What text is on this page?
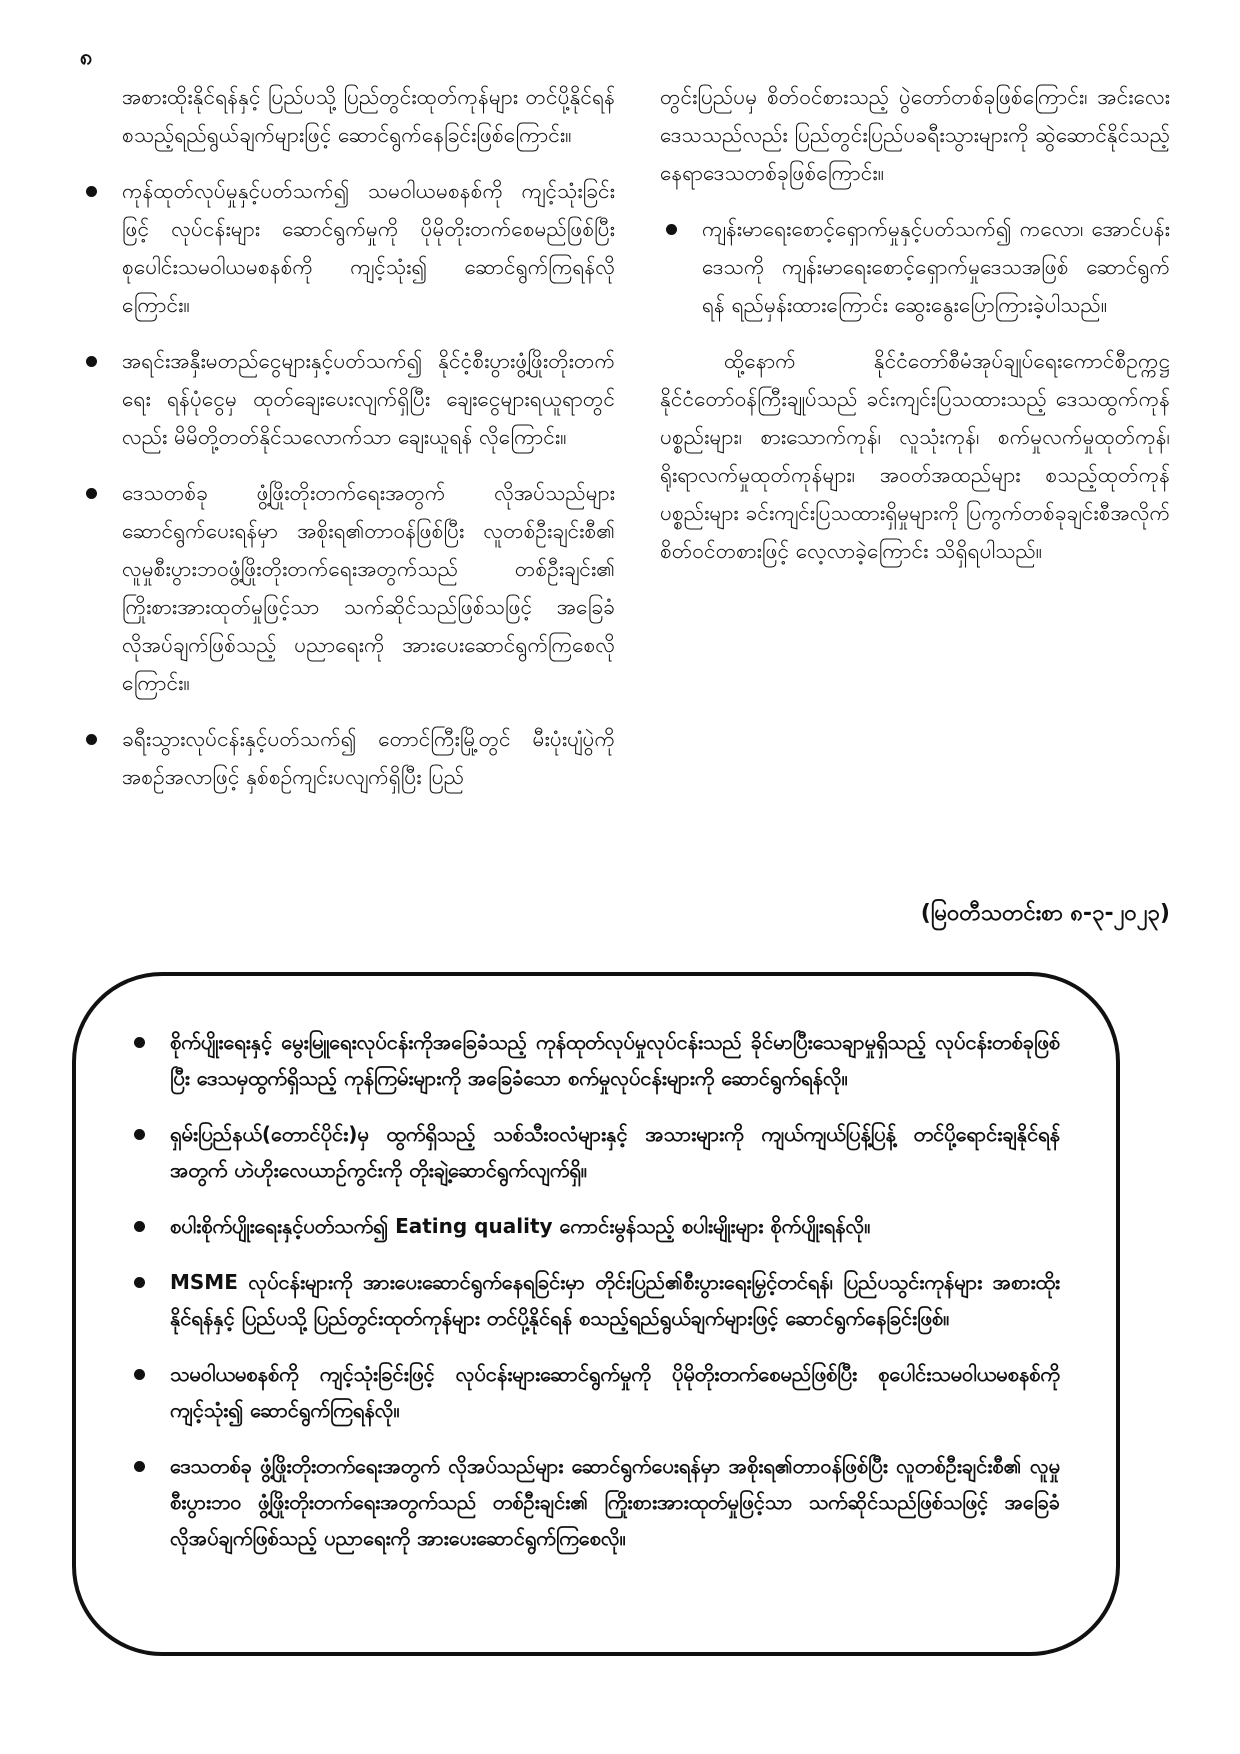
၈

အစားထိုးနိုင်ရန်နှင့် ပြည်ပသို့ ပြည်တွင်းထုတ်ကုန်များ တင်ပို့နိုင်ရန် စသည့်ရည်ရွယ်ချက်များဖြင့် ဆောင်ရွက်နေခြင်းဖြစ်ကြောင်း။

ကုန်ထုတ်လုပ်မှုနှင့်ပတ်သက်၍ သမဝါယမစနစ်ကို ကျင့်သုံးခြင်းဖြင့် လုပ်ငန်းများ ဆောင်ရွက်မှုကို ပိုမိုတိုးတက်စေမည်ဖြစ်ပြီး စုပေါင်းသမဝါယမစနစ်ကို ကျင့်သုံး၍ ဆောင်ရွက်ကြရန်လိုကြောင်း။
အရင်းအနှီးမတည်ငွေများနှင့်ပတ်သက်၍ နိုင်ငံ့စီးပွားဖွံ့ဖြိုးတိုးတက်ရေး ရန်ပုံငွေမှ ထုတ်ချေးပေးလျက်ရှိပြီး ချေးငွေများရယူရာတွင်လည်း မိမိတို့တတ်နိုင်သလောက်သာ ချေးယူရန် လိုကြောင်း။
ဒေသတစ်ခု ဖွံ့ဖြိုးတိုးတက်ရေးအတွက် လိုအပ်သည်များ ဆောင်ရွက်ပေးရန်မှာ အစိုးရ၏တာဝန်ဖြစ်ပြီး လူတစ်ဦးချင်းစီ၏ လူမှုစီးပွားဘဝဖွံ့ဖြိုးတိုးတက်ရေးအတွက်သည် တစ်ဦးချင်း၏ ကြိုးစားအားထုတ်မှုဖြင့်သာ သက်ဆိုင်သည်ဖြစ်သဖြင့် အခြေခံလိုအပ်ချက်ဖြစ်သည့် ပညာရေးကို အားပေးဆောင်ရွက်ကြစေလိုကြောင်း။
ခရီးသွားလုပ်ငန်းနှင့်ပတ်သက်၍ တောင်ကြီးမြို့တွင် မီးပုံးပျံပွဲကို အစဉ်အလာဖြင့် နှစ်စဉ်ကျင်းပလျက်ရှိပြီး ပြည်

တွင်းပြည်ပမှ စိတ်ဝင်စားသည့် ပွဲတော်တစ်ခုဖြစ်ကြောင်း၊ အင်းလေးဒေသသည်လည်း ပြည်တွင်းပြည်ပခရီးသွားများကို ဆွဲဆောင်နိုင်သည့် နေရာဒေသတစ်ခုဖြစ်ကြောင်း။

ကျန်းမာရေးစောင့်ရှောက်မှုနှင့်ပတ်သက်၍ ကလော၊ အောင်ပန်းဒေသကို ကျန်းမာရေးစောင့်ရှောက်မှုဒေသအဖြစ် ဆောင်ရွက်ရန် ရည်မှန်းထားကြောင်း ဆွေးနွေးပြောကြားခဲ့ပါသည်။

ထို့နောက် နိုင်ငံတော်စီမံအုပ်ချုပ်ရေးကောင်စီဥက္ကဋ္ဌ နိုင်ငံတော်ဝန်ကြီးချုပ်သည် ခင်းကျင်းပြသထားသည့် ဒေသထွက်ကုန်ပစ္စည်းများ၊ စားသောက်ကုန်၊ လူသုံးကုန်၊ စက်မှုလက်မှုထုတ်ကုန်၊ ရိုးရာလက်မှုထုတ်ကုန်များ၊ အဝတ်အထည်များ စသည့်ထုတ်ကုန်ပစ္စည်းများ ခင်းကျင်းပြသထားရှိမှုများကို ပြကွက်တစ်ခုချင်းစီအလိုက် စိတ်ဝင်တစားဖြင့် လေ့လာခဲ့ကြောင်း သိရှိရပါသည်။

(မြဝတီသတင်းစာ ၈-၃-၂၀၂၃)
စိုက်ပျိုးရေးနှင့် မွေးမြူရေးလုပ်ငန်းကိုအခြေခံသည့် ကုန်ထုတ်လုပ်မှုလုပ်ငန်းသည် ခိုင်မာပြီးသေချာမှုရှိသည့် လုပ်ငန်းတစ်ခုဖြစ်ပြီး ဒေသမှထွက်ရှိသည့် ကုန်ကြမ်းများကို အခြေခံသော စက်မှုလုပ်ငန်းများကို ဆောင်ရွက်ရန်လို။
ရှမ်းပြည်နယ်(တောင်ပိုင်း)မှ ထွက်ရှိသည့် သစ်သီးဝလံများနှင့် အသားများကို ကျယ်ကျယ်ပြန့်ပြန့် တင်ပို့ရောင်းချနိုင်ရန်အတွက် ဟဲဟိုးလေယာဉ်ကွင်းကို တိုးချဲ့ဆောင်ရွက်လျက်ရှိ။
စပါးစိုက်ပျိုးရေးနှင့်ပတ်သက်၍ Eating quality ကောင်းမွန်သည့် စပါးမျိုးများ စိုက်ပျိုးရန်လို။
MSME လုပ်ငန်းများကို အားပေးဆောင်ရွက်နေရခြင်းမှာ တိုင်းပြည်၏စီးပွားရေးမြှင့်တင်ရန်၊ ပြည်ပသွင်းကုန်များ အစားထိုးနိုင်ရန်နှင့် ပြည်ပသို့ ပြည်တွင်းထုတ်ကုန်များ တင်ပို့နိုင်ရန် စသည့်ရည်ရွယ်ချက်များဖြင့် ဆောင်ရွက်နေခြင်းဖြစ်။
သမဝါယမစနစ်ကို ကျင့်သုံးခြင်းဖြင့် လုပ်ငန်းများဆောင်ရွက်မှုကို ပိုမိုတိုးတက်စေမည်ဖြစ်ပြီး စုပေါင်းသမဝါယမစနစ်ကို ကျင့်သုံး၍ ဆောင်ရွက်ကြရန်လို။
ဒေသတစ်ခု ဖွံ့ဖြိုးတိုးတက်ရေးအတွက် လိုအပ်သည်များ ဆောင်ရွက်ပေးရန်မှာ အစိုးရ၏တာဝန်ဖြစ်ပြီး လူတစ်ဦးချင်းစီ၏ လူမှုစီးပွားဘဝ ဖွံ့ဖြိုးတိုးတက်ရေးအတွက်သည် တစ်ဦးချင်း၏ ကြိုးစားအားထုတ်မှုဖြင့်သာ သက်ဆိုင်သည်ဖြစ်သဖြင့် အခြေခံလိုအပ်ချက်ဖြစ်သည့် ပညာရေးကို အားပေးဆောင်ရွက်ကြစေလို။
